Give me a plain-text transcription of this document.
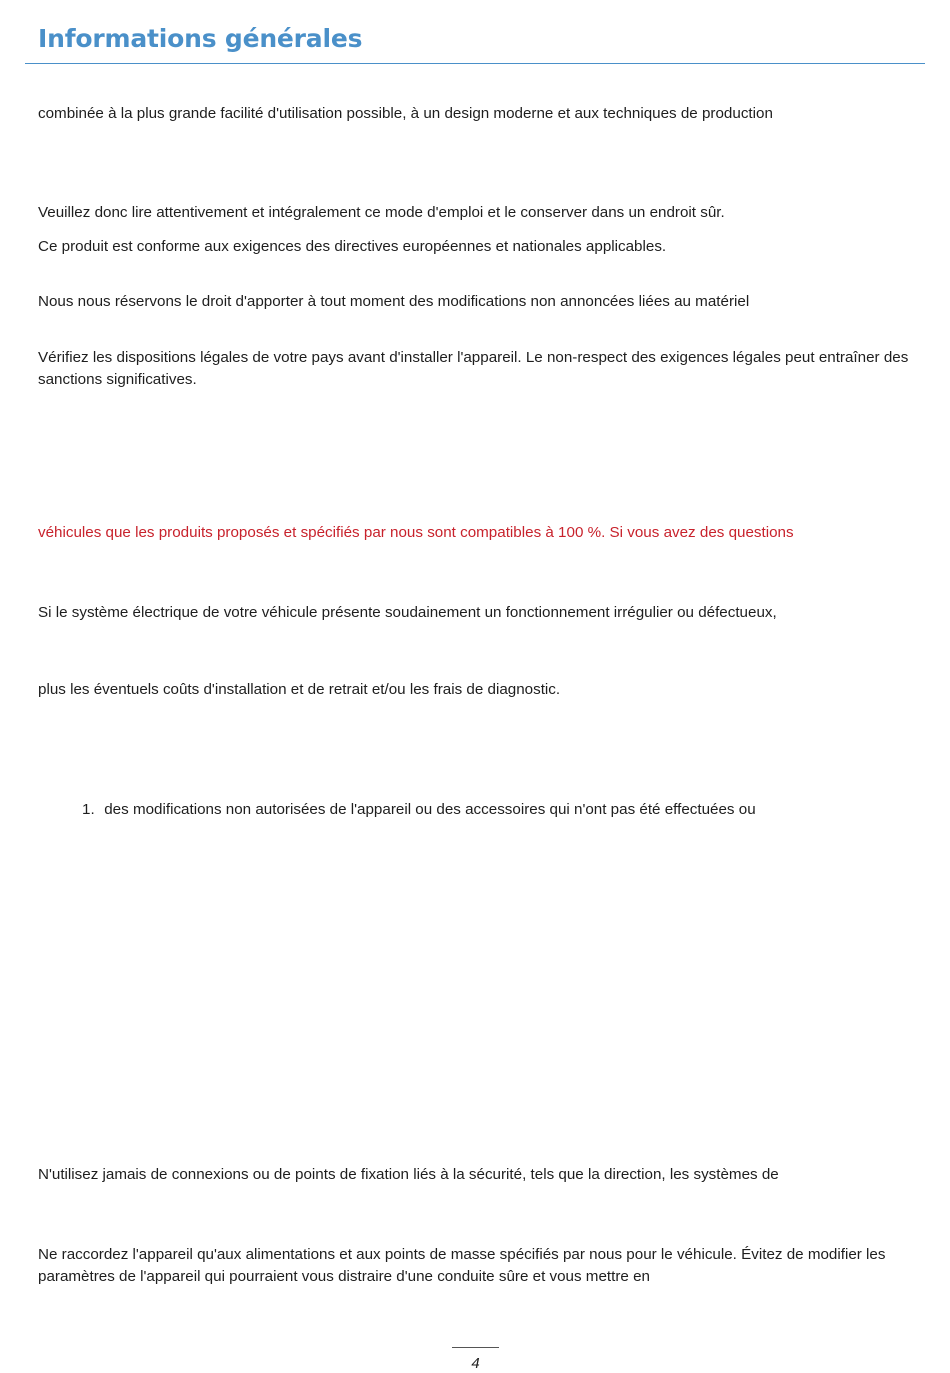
Informations générales

combinée à la plus grande facilité d'utilisation possible, à un design moderne et aux techniques de production

Veuillez donc lire attentivement et intégralement ce mode d'emploi et le conserver dans un endroit sûr.

Ce produit est conforme aux exigences des directives européennes et nationales applicables.

Nous nous réservons le droit d'apporter à tout moment des modifications non annoncées liées au matériel

Vérifiez les dispositions légales de votre pays avant d'installer l'appareil. Le non-respect des exigences légales peut entraîner des sanctions significatives.

véhicules que les produits proposés et spécifiés par nous sont compatibles à 100 %. Si vous avez des questions

Si le système électrique de votre véhicule présente soudainement un fonctionnement irrégulier ou défectueux,

plus les éventuels coûts d'installation et de retrait et/ou les frais de diagnostic.

1. des modifications non autorisées de l'appareil ou des accessoires qui n'ont pas été effectuées ou

N'utilisez jamais de connexions ou de points de fixation liés à la sécurité, tels que la direction, les systèmes de

Ne raccordez l'appareil qu'aux alimentations et aux points de masse spécifiés par nous pour le véhicule. Évitez de modifier les paramètres de l'appareil qui pourraient vous distraire d'une conduite sûre et vous mettre en

4
